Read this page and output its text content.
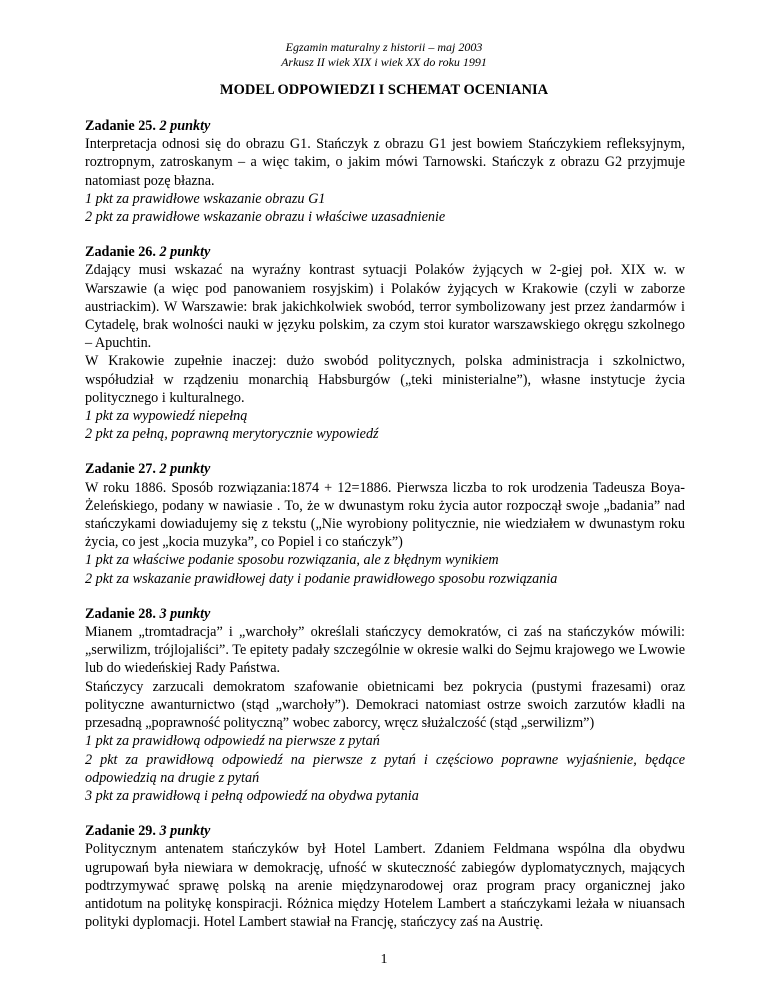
Egzamin maturalny z historii – maj 2003
Arkusz II wiek XIX i wiek XX do roku 1991
MODEL ODPOWIEDZI I SCHEMAT OCENIANIA
Zadanie 25. 2 punkty
Interpretacja odnosi się do obrazu G1. Stańczyk z obrazu G1 jest bowiem Stańczykiem refleksyjnym, roztropnym, zatroskanym – a więc takim, o jakim mówi Tarnowski. Stańczyk z obrazu G2 przyjmuje natomiast pozę błazna.
1 pkt za prawidłowe wskazanie obrazu G1
2 pkt za prawidłowe wskazanie obrazu i właściwe uzasadnienie
Zadanie 26. 2 punkty
Zdający musi wskazać na wyraźny kontrast sytuacji Polaków żyjących w 2-giej poł. XIX w. w Warszawie (a więc pod panowaniem rosyjskim) i Polaków żyjących w Krakowie (czyli w zaborze austriackim). W Warszawie: brak jakichkolwiek swobód, terror symbolizowany jest przez żandarmów i Cytadelę, brak wolności nauki w języku polskim, za czym stoi kurator warszawskiego okręgu szkolnego – Apuchtin.
W Krakowie zupełnie inaczej: dużo swobód politycznych, polska administracja i szkolnictwo, współudział w rządzeniu monarchią Habsburgów („teki ministerialne”), własne instytucje życia politycznego i kulturalnego.
1 pkt za wypowiedź niepełną
2 pkt za pełną, poprawną merytorycznie wypowiedź
Zadanie 27. 2 punkty
W roku 1886. Sposób rozwiązania:1874 + 12=1886. Pierwsza liczba to rok urodzenia Tadeusza Boya-Żeleńskiego, podany w nawiasie . To, że w dwunastym roku życia autor rozpoczął swoje „badania” nad stańczykami dowiadujemy się z tekstu („Nie wyrobiony politycznie, nie wiedziałem w dwunastym roku życia, co jest „kocia muzyka”, co Popiel i co stańczyk”)
1 pkt za właściwe podanie sposobu rozwiązania, ale z błędnym wynikiem
2 pkt za wskazanie prawidłowej daty i podanie prawidłowego sposobu rozwiązania
Zadanie 28. 3 punkty
Mianem „tromtadracja” i „warchoły” określali stańczycy demokratów, ci zaś na stańczyków mówili: „serwilizm, trójlojaliści”. Te epitety padały szczególnie w okresie walki do Sejmu krajowego we Lwowie lub do wiedeńskiej Rady Państwa.
Stańczycy zarzucali demokratom szafowanie obietnicami bez pokrycia (pustymi frazesami) oraz polityczne awanturnictwo (stąd „warchoły”). Demokraci natomiast ostrze swoich zarzutów kładli na przesadną „poprawność polityczną” wobec zaborcy, wręcz służalczość (stąd „serwilizm”)
1 pkt za prawidłową odpowiedź na pierwsze z pytań
2 pkt za prawidłową odpowiedź na pierwsze z pytań i częściowo poprawne wyjaśnienie, będące odpowiedzią na drugie z pytań
3 pkt za prawidłową i pełną odpowiedź na obydwa pytania
Zadanie 29. 3 punkty
Politycznym antenatem stańczyków był Hotel Lambert. Zdaniem Feldmana wspólna dla obydwu ugrupowań była niewiara w demokrację, ufność w skuteczność zabiegów dyplomatycznych, mających podtrzymywać sprawę polską na arenie międzynarodowej oraz program pracy organicznej jako antidotum na politykę konspiracji. Różnica między Hotelem Lambert a stańczykami leżała w niuansach polityki dyplomacji. Hotel Lambert stawiał na Francję, stańczycy zaś na Austrię.
1
